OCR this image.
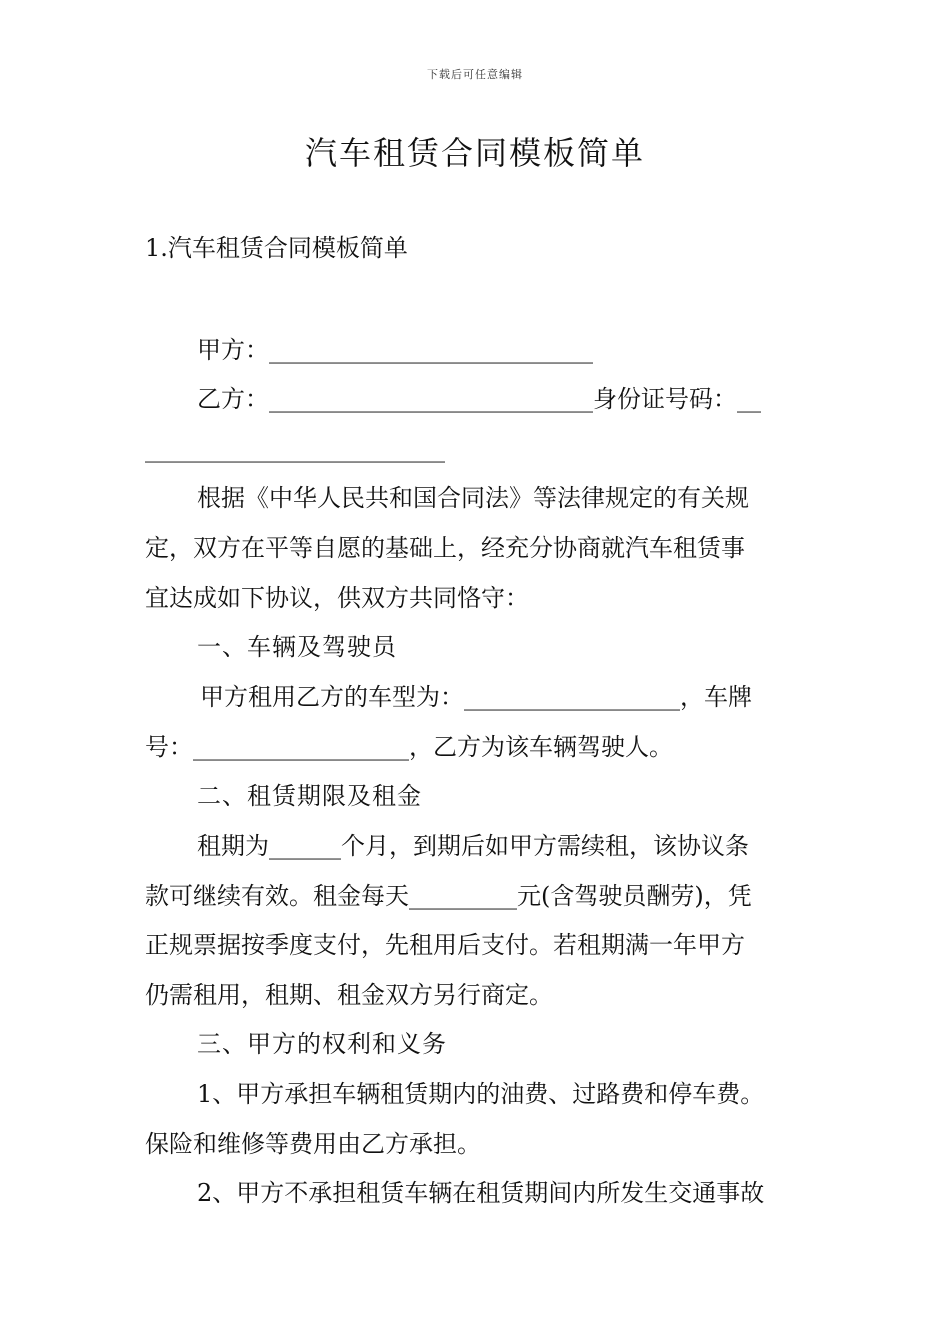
下载后可任意编辑
汽车租赁合同模板简单
1.汽车租赁合同模板简单
甲方：___________________________
乙方：___________________________身份证号码：__
_________________________
根据《中华人民共和国合同法》等法律规定的有关规
定，双方在平等自愿的基础上，经充分协商就汽车租赁事
宜达成如下协议，供双方共同恪守：
一、车辆及驾驶员
甲方租用乙方的车型为：__________________，车牌
号：__________________，乙方为该车辆驾驶人。
二、租赁期限及租金
租期为______个月，到期后如甲方需续租，该协议条
款可继续有效。租金每天_________元(含驾驶员酬劳)，凭
正规票据按季度支付，先租用后支付。若租期满一年甲方
仍需租用，租期、租金双方另行商定。
三、甲方的权利和义务
1、甲方承担车辆租赁期内的油费、过路费和停车费。
保险和维修等费用由乙方承担。
2、甲方不承担租赁车辆在租赁期间内所发生交通事故
